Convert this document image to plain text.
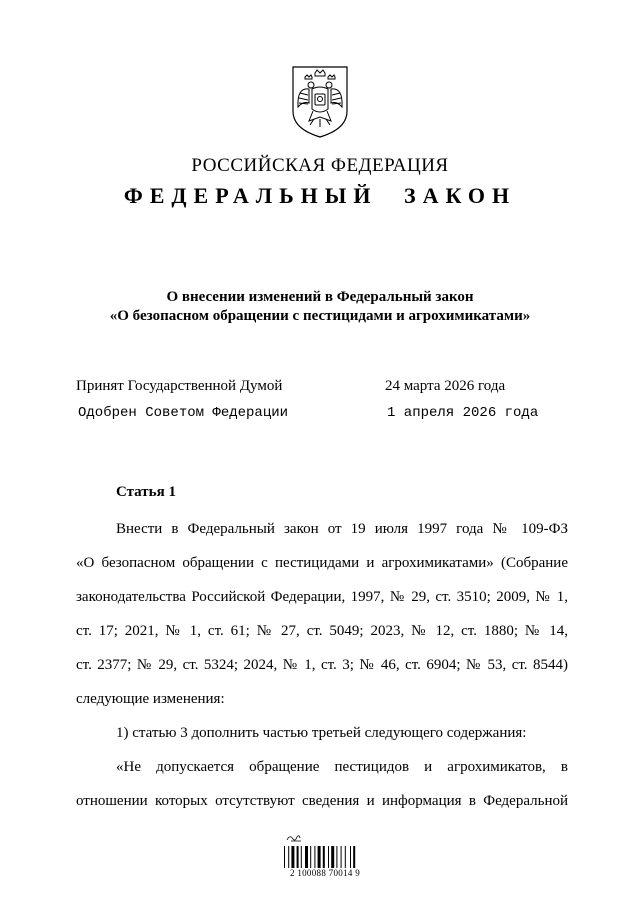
РОССИЙСКАЯ ФЕДЕРАЦИЯ
ФЕДЕРАЛЬНЫЙ ЗАКОН
О внесении изменений в Федеральный закон
«О безопасном обращении с пестицидами и агрохимикатами»
Принят Государственной Думой	24 марта 2026 года
Одобрен Советом Федерации	1 апреля 2026 года
Статья 1
Внести в Федеральный закон от 19 июля 1997 года № 109-ФЗ
«О безопасном обращении с пестицидами и агрохимикатами» (Собрание
законодательства Российской Федерации, 1997, № 29, ст. 3510; 2009, № 1,
ст. 17; 2021, № 1, ст. 61; № 27, ст. 5049; 2023, № 12, ст. 1880; № 14,
ст. 2377; № 29, ст. 5324; 2024, № 1, ст. 3; № 46, ст. 6904; № 53, ст. 8544)
следующие изменения:
1) статью 3 дополнить частью третьей следующего содержания:
«Не допускается обращение пестицидов и агрохимикатов, в
отношении которых отсутствуют сведения и информация в Федеральной
2 100088 70014 9
